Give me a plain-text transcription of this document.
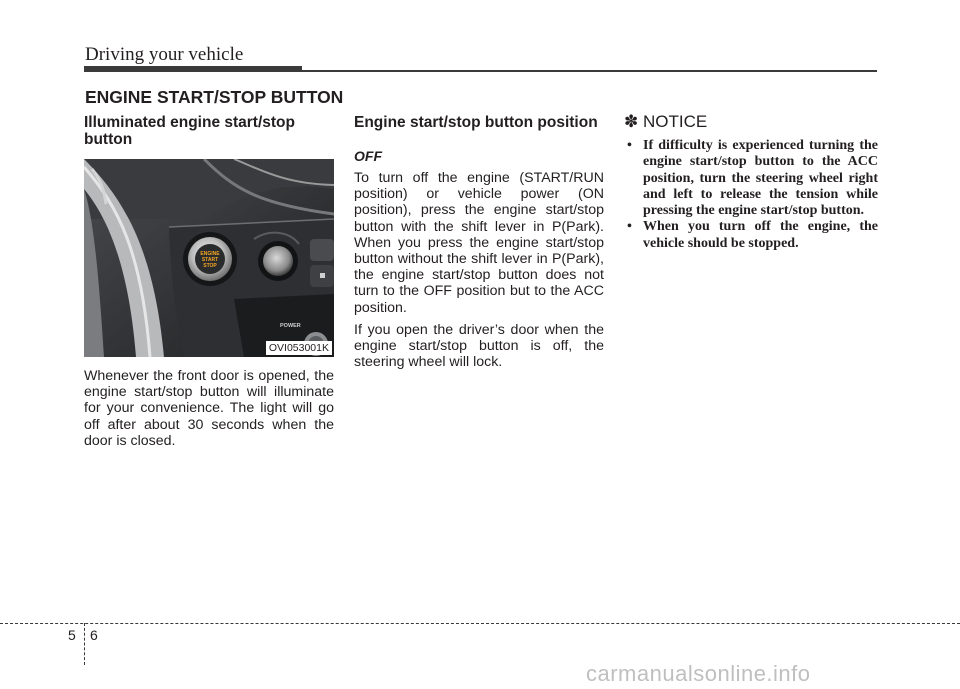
Driving your vehicle
ENGINE START/STOP BUTTON
Illuminated engine start/stop button
ENGINE
START
STOP
POWER
OVI053001K

Whenever the front door is opened, the engine start/stop button will illuminate for your convenience. The light will go off after about 30 seconds when the door is closed.

Engine start/stop button position
OFF

To turn off the engine (START/RUN position) or vehicle power (ON position), press the engine start/stop button with the shift lever in P(Park). When you press the engine start/stop button without the shift lever in P(Park), the engine start/stop button does not turn to the OFF position but to the ACC position.

If you open the driver’s door when the engine start/stop button is off, the steering wheel will lock.

✽ NOTICE
• If difficulty is experienced turning the engine start/stop button to the ACC position, turn the steering wheel right and left to release the tension while pressing the engine start/stop button.
• When you turn off the engine, the vehicle should be stopped.
5 6
carmanualsonline.info
